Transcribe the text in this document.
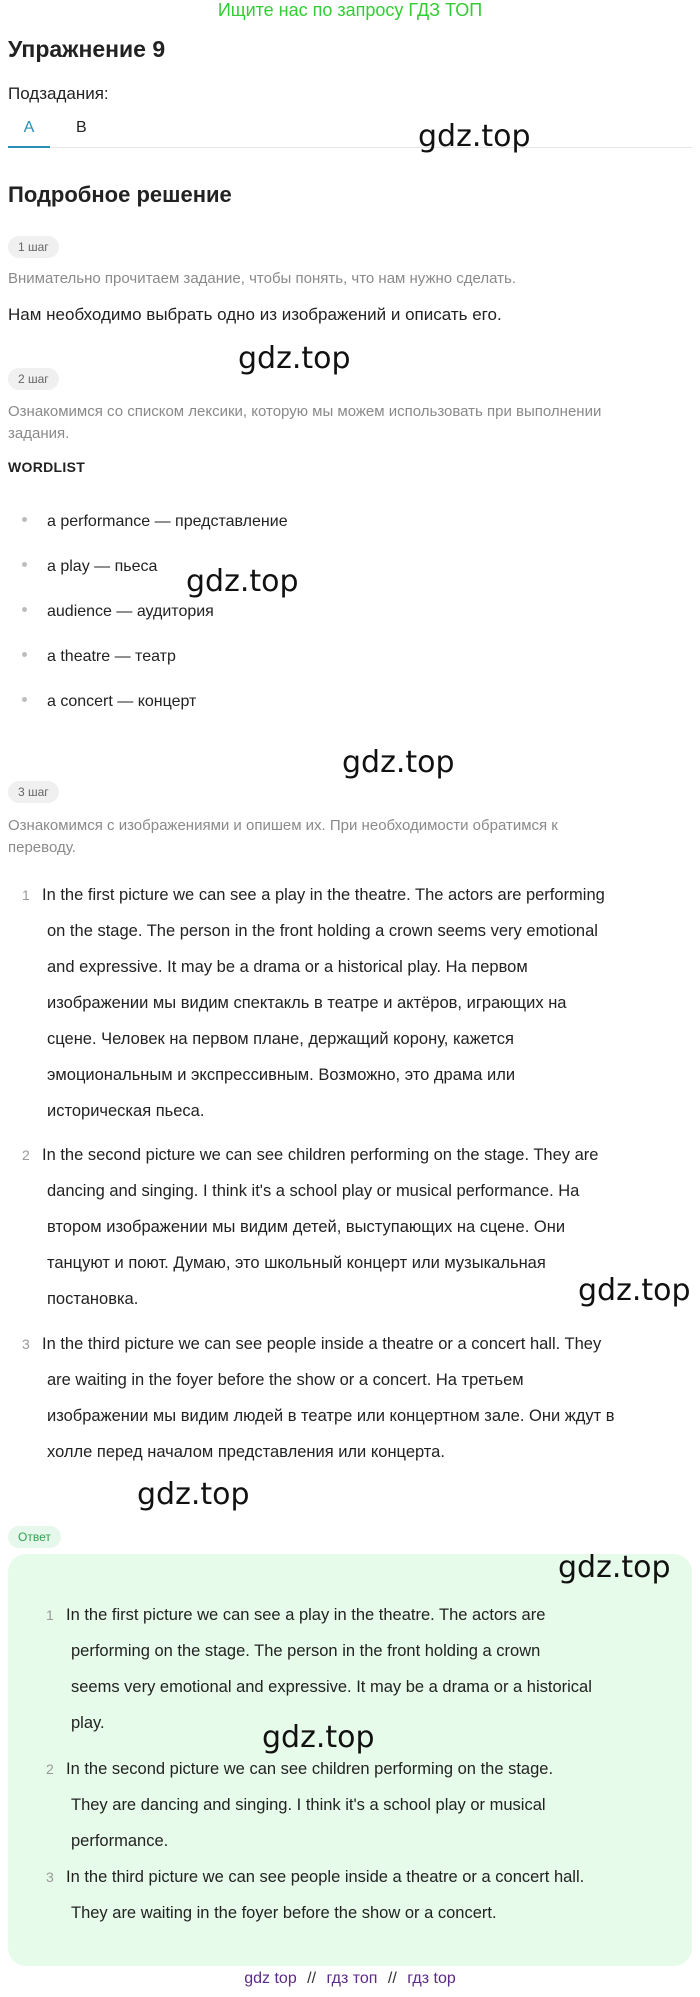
Ищите нас по запросу ГДЗ ТОП
Упражнение 9
Подзадания:
A	B	gdz.top
Подробное решение
1 шаг
Внимательно прочитаем задание, чтобы понять, что нам нужно сделать.
Нам необходимо выбрать одно из изображений и описать его.
gdz.top
2 шаг
Ознакомимся со списком лексики, которую мы можем использовать при выполнении
задания.
WORDLIST
a performance — представление
a play — пьеса
audience — аудитория
a theatre — театр
a concert — концерт
gdz.top
gdz.top
3 шаг
Ознакомимся с изображениями и опишем их. При необходимости обратимся к
переводу.
1 In the first picture we can see a play in the theatre. The actors are performing
on the stage. The person in the front holding a crown seems very emotional
and expressive. It may be a drama or a historical play. На первом
изображении мы видим спектакль в театре и актёров, играющих на
сцене. Человек на первом плане, держащий корону, кажется
эмоциональным и экспрессивным. Возможно, это драма или
историческая пьеса.
2 In the second picture we can see children performing on the stage. They are
dancing and singing. I think it's a school play or musical performance. На
втором изображении мы видим детей, выступающих на сцене. Они
танцуют и поют. Думаю, это школьный концерт или музыкальная
постановка.	gdz.top
3 In the third picture we can see people inside a theatre or a concert hall. They
are waiting in the foyer before the show or a concert. На третьем
изображении мы видим людей в театре или концертном зале. Они ждут в
холле перед началом представления или концерта.
gdz.top
Ответ
gdz.top
1 In the first picture we can see a play in the theatre. The actors are
performing on the stage. The person in the front holding a crown
seems very emotional and expressive. It may be a drama or a historical
play.	gdz.top
2 In the second picture we can see children performing on the stage.
They are dancing and singing. I think it's a school play or musical
performance.
3 In the third picture we can see people inside a theatre or a concert hall.
They are waiting in the foyer before the show or a concert.
gdz top // гдз топ // гдз top
